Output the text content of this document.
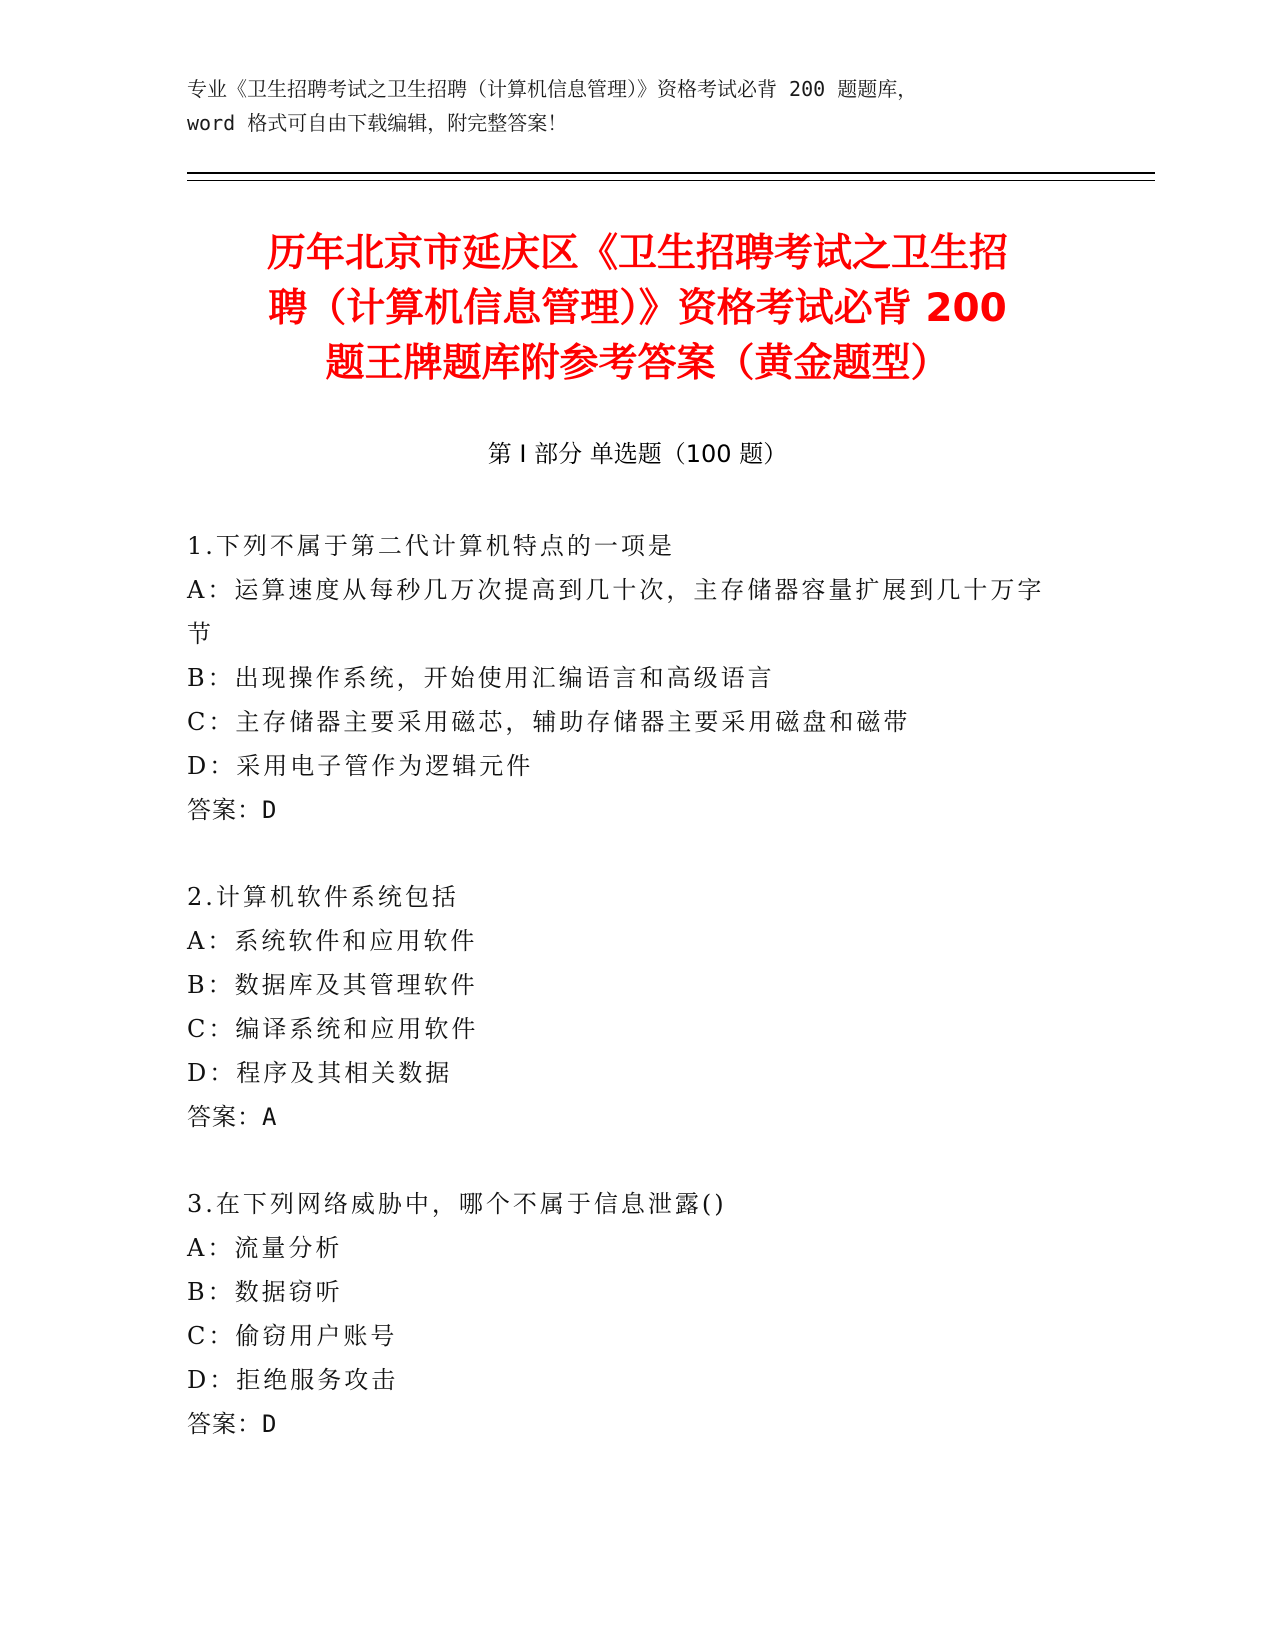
专业《卫生招聘考试之卫生招聘（计算机信息管理）》资格考试必背 200 题题库，
word 格式可自由下载编辑，附完整答案！
历年北京市延庆区《卫生招聘考试之卫生招
聘（计算机信息管理）》资格考试必背 200
题王牌题库附参考答案（黄金题型）
第 I 部分 单选题（100 题）
1.下列不属于第二代计算机特点的一项是
A：运算速度从每秒几万次提高到几十次，主存储器容量扩展到几十万字节
B：出现操作系统，开始使用汇编语言和高级语言
C：主存储器主要采用磁芯，辅助存储器主要采用磁盘和磁带
D：采用电子管作为逻辑元件
答案：D
2.计算机软件系统包括
A：系统软件和应用软件
B：数据库及其管理软件
C：编译系统和应用软件
D：程序及其相关数据
答案：A
3.在下列网络威胁中，哪个不属于信息泄露()
A：流量分析
B：数据窃听
C：偷窃用户账号
D：拒绝服务攻击
答案：D
